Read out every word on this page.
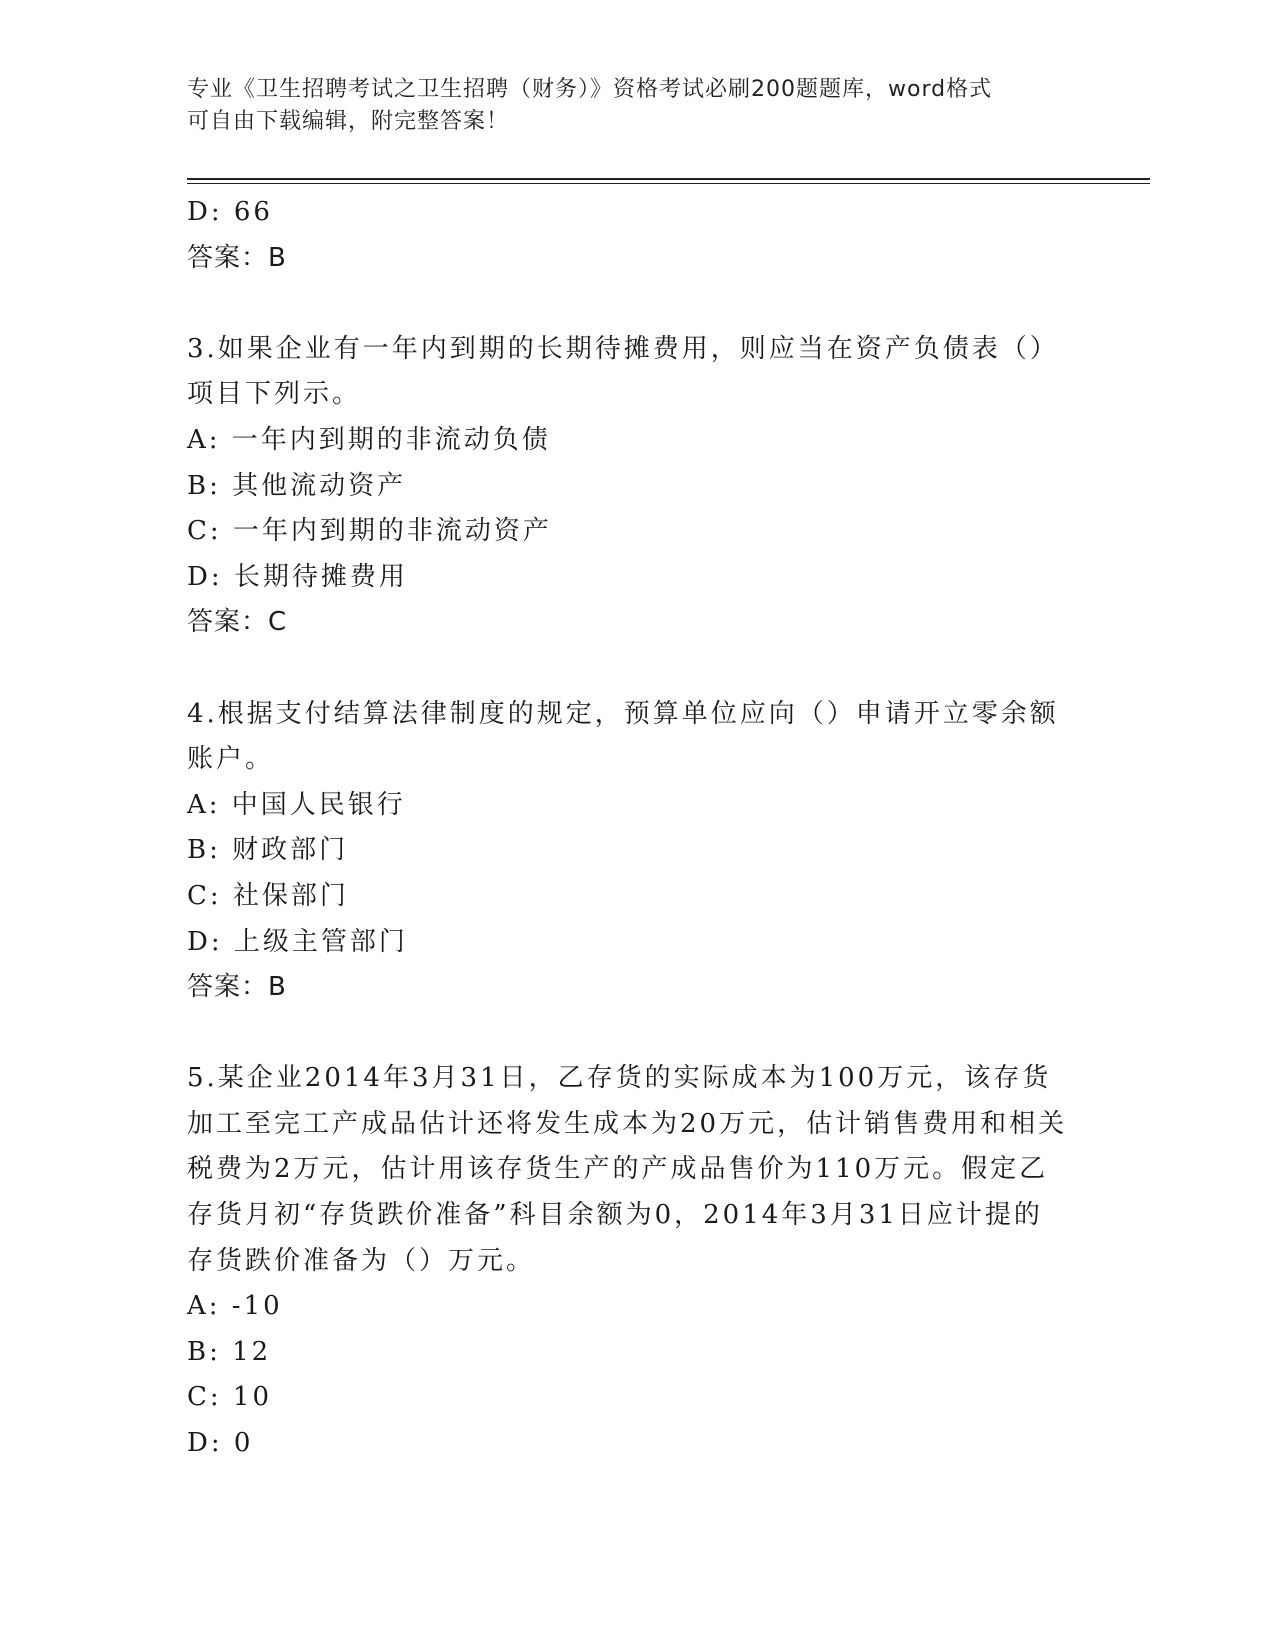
专业《卫生招聘考试之卫生招聘（财务）》资格考试必刷200题题库，word格式
可自由下载编辑，附完整答案！
D: 66
答案：B
3.如果企业有一年内到期的长期待摊费用，则应当在资产负债表（）
项目下列示。
A: 一年内到期的非流动负债
B: 其他流动资产
C: 一年内到期的非流动资产
D: 长期待摊费用
答案：C
4.根据支付结算法律制度的规定，预算单位应向（）申请开立零余额
账户。
A: 中国人民银行
B: 财政部门
C: 社保部门
D: 上级主管部门
答案：B
5.某企业2014年3月31日，乙存货的实际成本为100万元，该存货
加工至完工产成品估计还将发生成本为20万元，估计销售费用和相关
税费为2万元，估计用该存货生产的产成品售价为110万元。假定乙
存货月初“存货跌价准备”科目余额为0，2014年3月31日应计提的
存货跌价准备为（）万元。
A: -10
B: 12
C: 10
D: 0
